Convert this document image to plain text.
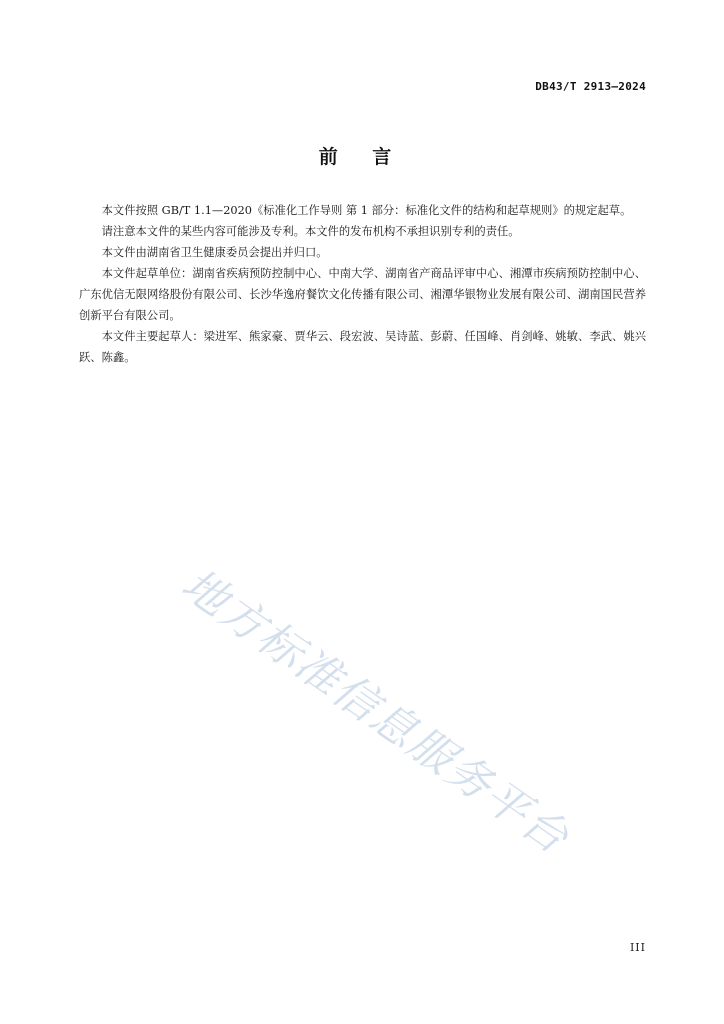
DB43/T 2913—2024
前 言

本文件按照 GB/T 1.1—2020《标准化工作导则 第 1 部分：标准化文件的结构和起草规则》的规定起草。

请注意本文件的某些内容可能涉及专利。本文件的发布机构不承担识别专利的责任。

本文件由湖南省卫生健康委员会提出并归口。

本文件起草单位：湖南省疾病预防控制中心、中南大学、湖南省产商品评审中心、湘潭市疾病预防控制中心、广东优信无限网络股份有限公司、长沙华逸府餐饮文化传播有限公司、湘潭华银物业发展有限公司、湖南国民营养创新平台有限公司。

本文件主要起草人：梁进军、熊家豪、贾华云、段宏波、吴诗蓝、彭蔚、任国峰、肖剑峰、姚敏、李武、姚兴跃、陈鑫。

地方标准信息服务平台
III
